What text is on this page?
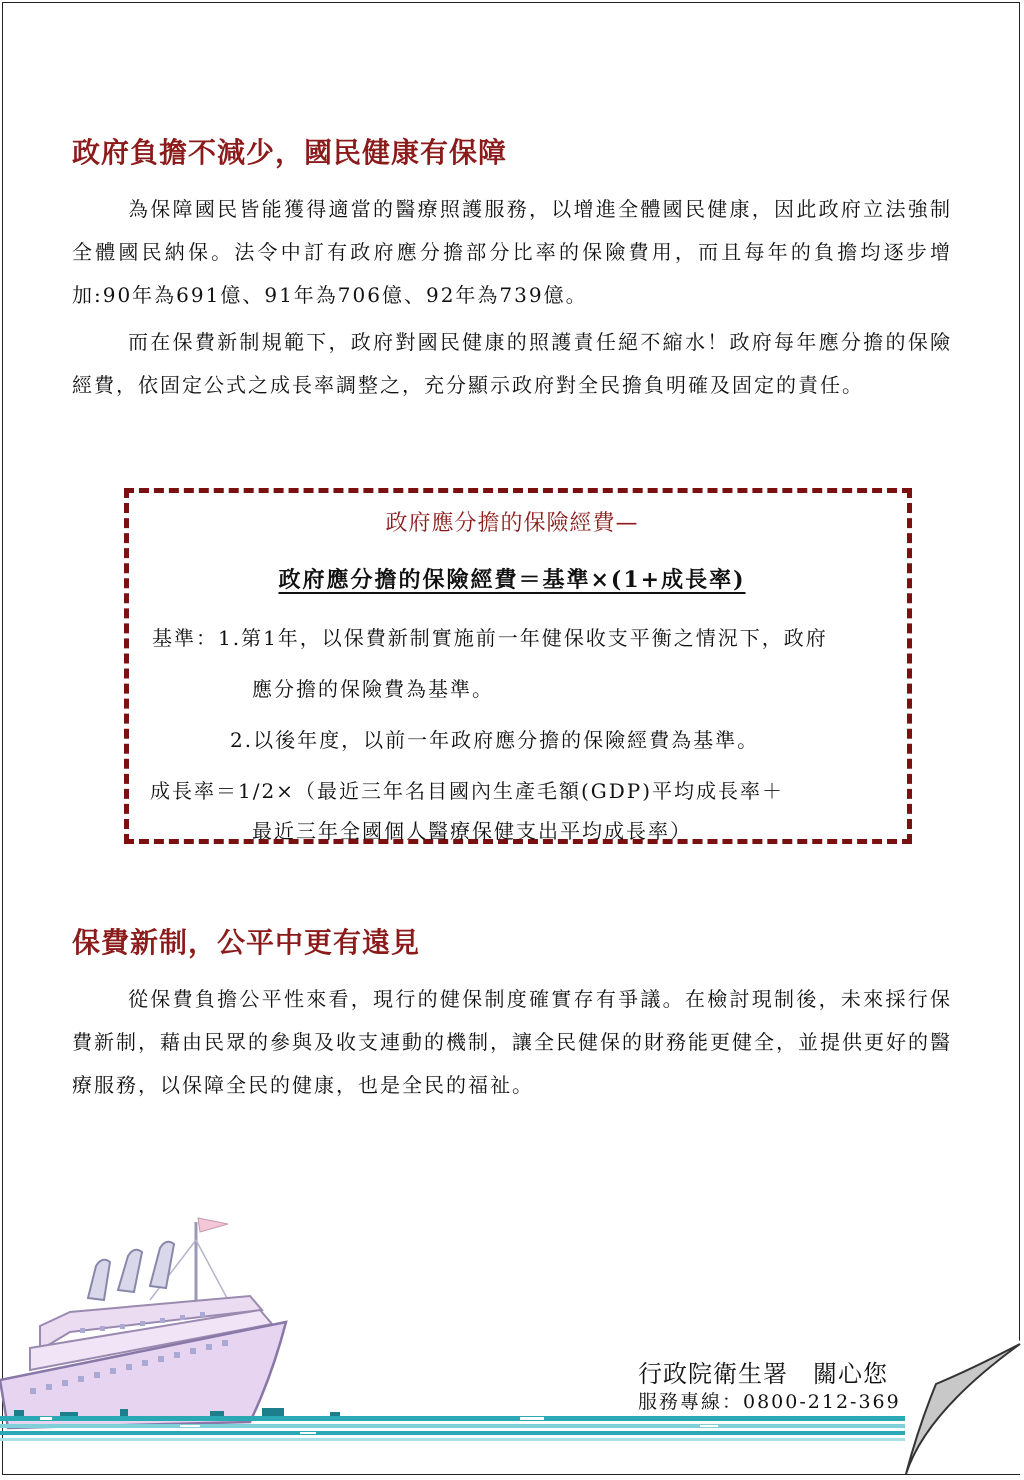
政府負擔不減少，國民健康有保障

為保障國民皆能獲得適當的醫療照護服務，以增進全體國民健康，因此政府立法強制全體國民納保。法令中訂有政府應分擔部分比率的保險費用，而且每年的負擔均逐步增加:90年為691億、91年為706億、92年為739億。

而在保費新制規範下，政府對國民健康的照護責任絕不縮水！政府每年應分擔的保險經費，依固定公式之成長率調整之，充分顯示政府對全民擔負明確及固定的責任。

政府應分擔的保險經費—
政府應分擔的保險經費＝基準×(1+成長率)
基準：1.第1年，以保費新制實施前一年健保收支平衡之情況下，政府
應分擔的保險費為基準。
2.以後年度，以前一年政府應分擔的保險經費為基準。
成長率＝1/2×（最近三年名目國內生產毛額(GDP)平均成長率＋
最近三年全國個人醫療保健支出平均成長率）
保費新制，公平中更有遠見

從保費負擔公平性來看，現行的健保制度確實存有爭議。在檢討現制後，未來採行保費新制，藉由民眾的參與及收支連動的機制，讓全民健保的財務能更健全，並提供更好的醫療服務，以保障全民的健康，也是全民的福祉。

行政院衛生署　關心您
服務專線：0800-212-369
